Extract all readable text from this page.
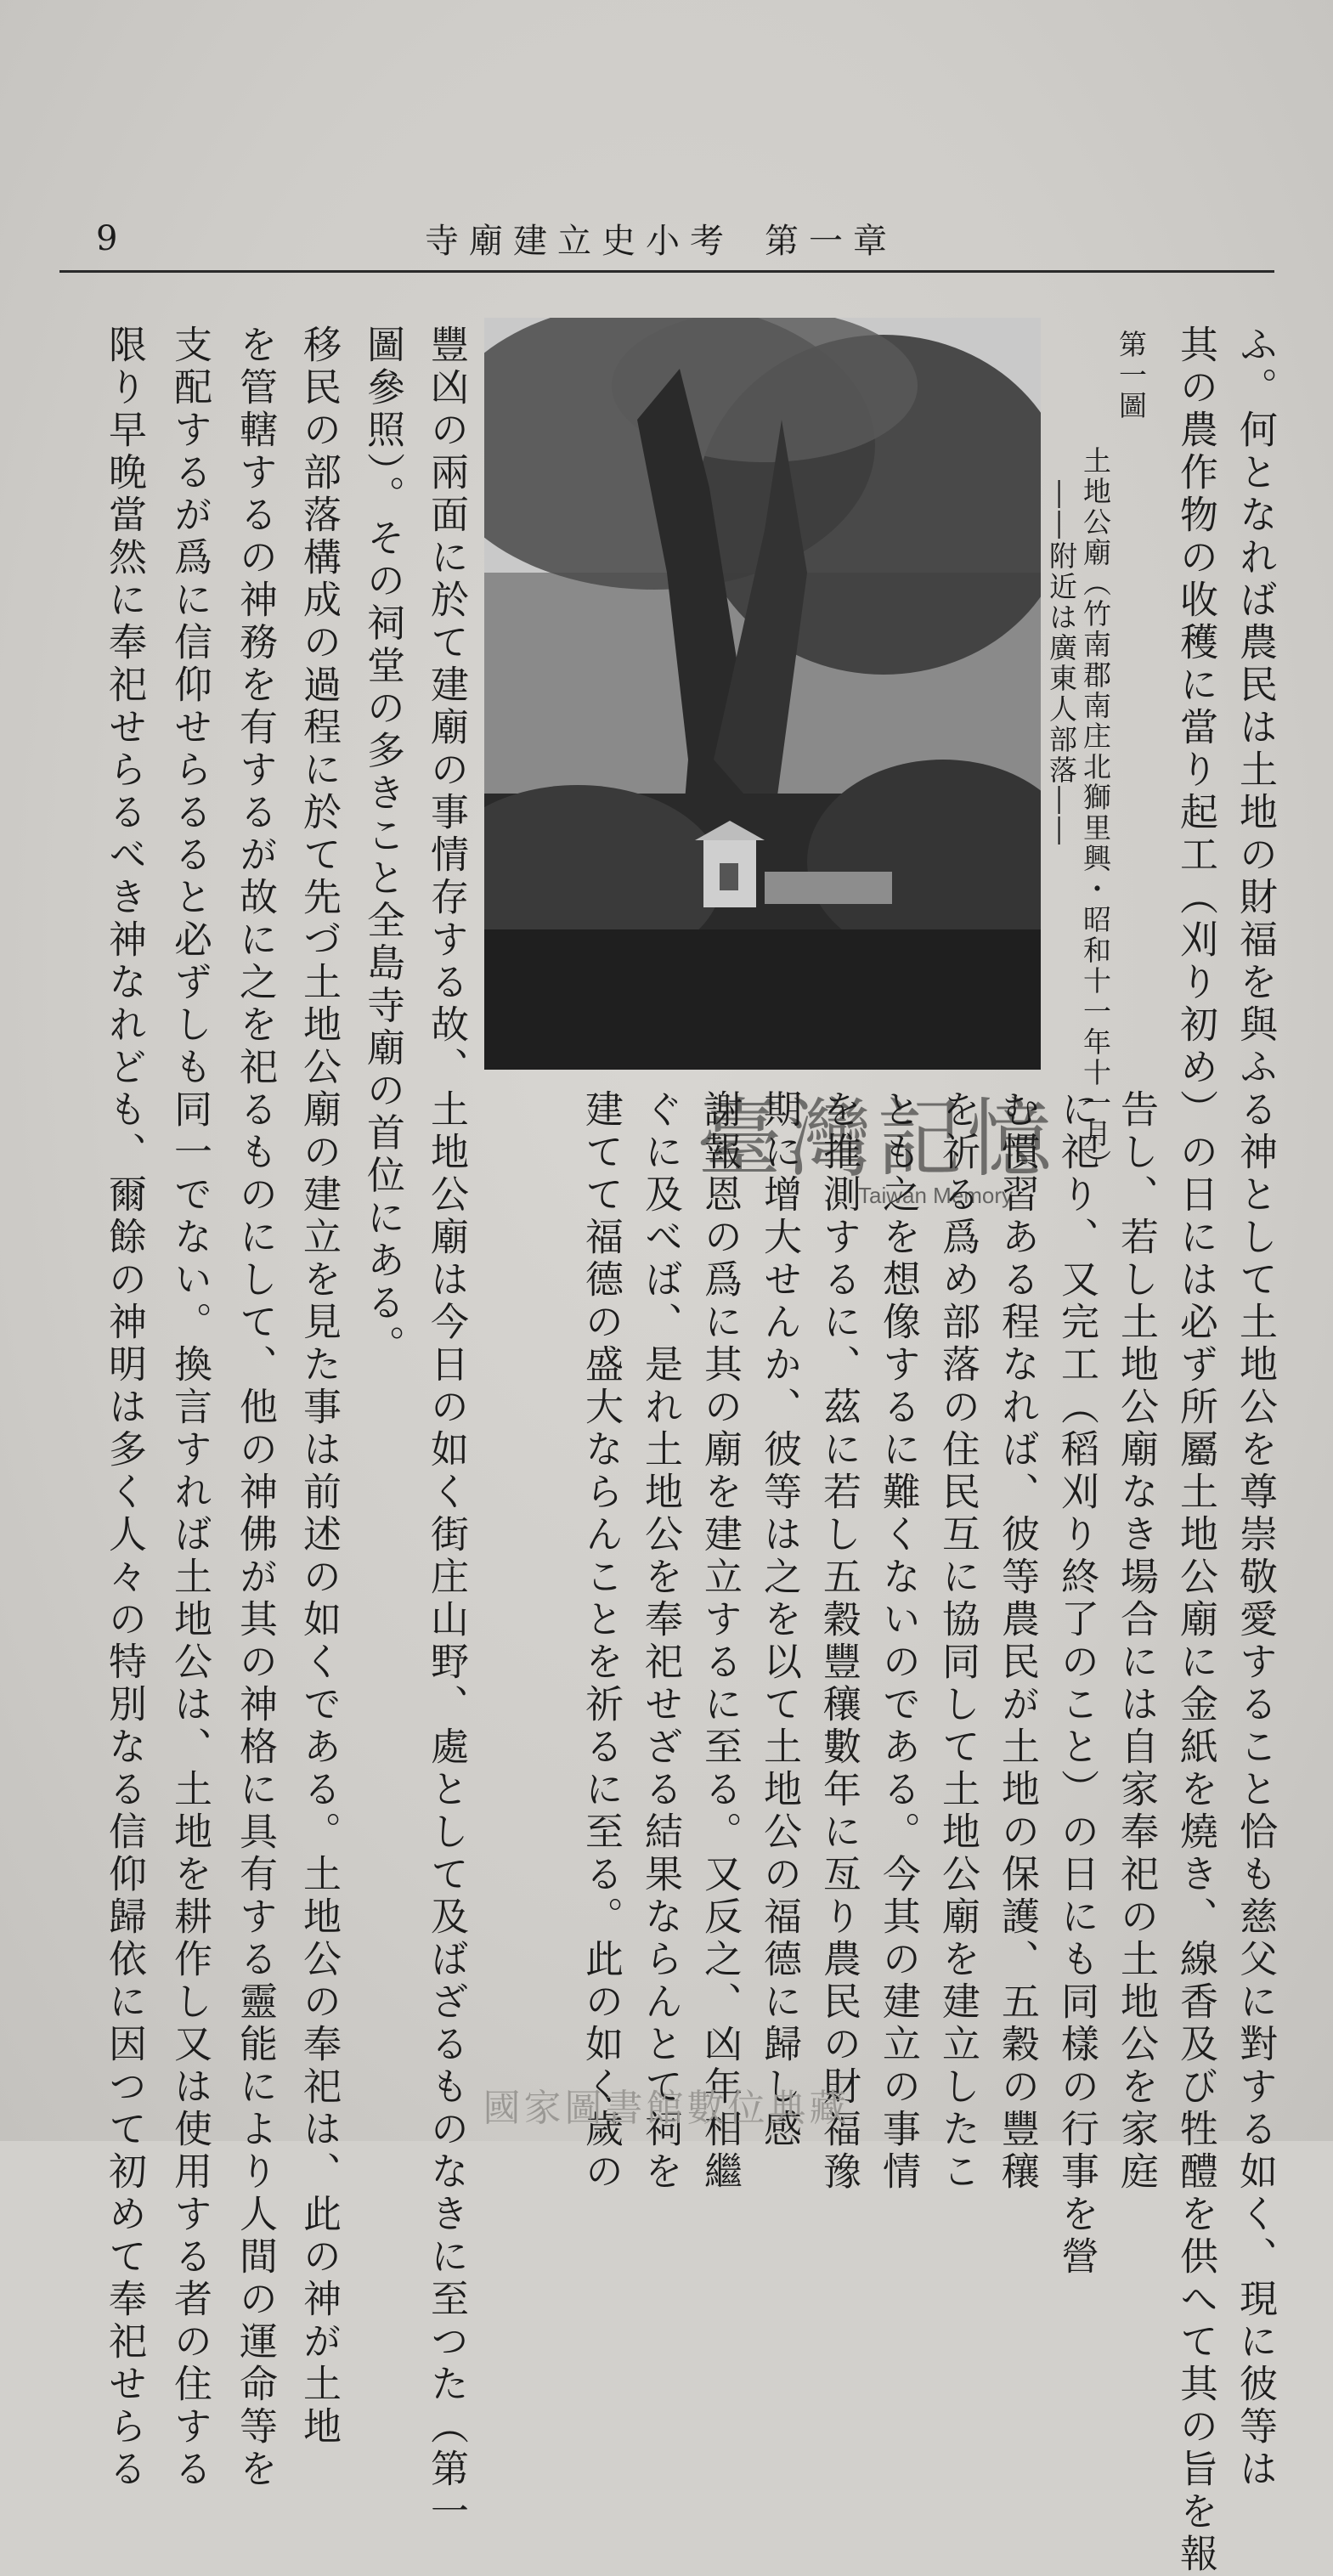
9	寺廟建立史小考 第一章
ふ。何となれば農民は土地の財福を與ふる神として土地公を尊崇敬愛すること恰も慈父に對する如く、現に彼等は
其の農作物の收穫に當り起工（刈り初め）の日には必ず所屬土地公廟に金紙を燒き、線香及び牲醴を供へて其の旨を報
第一圖
土地公廟（竹南郡南庄北獅里興・昭和十一年十一月）
――附近は廣東人部落――
告し、若し土地公廟なき場合には自家奉祀の土地公を家庭
に祀り、又完工（稻刈り終了のこと）の日にも同樣の行事を營
む慣習ある程なれば、彼等農民が土地の保護、五穀の豐穰
を祈る爲め部落の住民互に協同して土地公廟を建立したこ
とも之を想像するに難くないのである。今其の建立の事情
を推測するに、茲に若し五穀豐穰數年に亙り農民の財福豫
期に增大せんか、彼等は之を以て土地公の福德に歸し感
謝報恩の爲に其の廟を建立するに至る。又反之、凶年相繼
ぐに及べば、是れ土地公を奉祀せざる結果ならんとて祠を
建てて福德の盛大ならんことを祈るに至る。此の如く歲の
豐凶の兩面に於て建廟の事情存する故、土地公廟は今日の如く街庄山野、處として及ばざるものなきに至つた（第一
圖參照）。その祠堂の多きこと全島寺廟の首位にある。
移民の部落構成の過程に於て先づ土地公廟の建立を見た事は前述の如くである。土地公の奉祀は、此の神が土地
を管轄するの神務を有するが故に之を祀るものにして、他の神佛が其の神格に具有する靈能により人間の運命等を
支配するが爲に信仰せらるると必ずしも同一でない。換言すれば土地公は、土地を耕作し又は使用する者の住する
限り早晚當然に奉祀せらるべき神なれども、爾餘の神明は多く人々の特別なる信仰歸依に因つて初めて奉祀せらる	臺灣記憶
Taiwan Memory
國家圖書館數位典藏
